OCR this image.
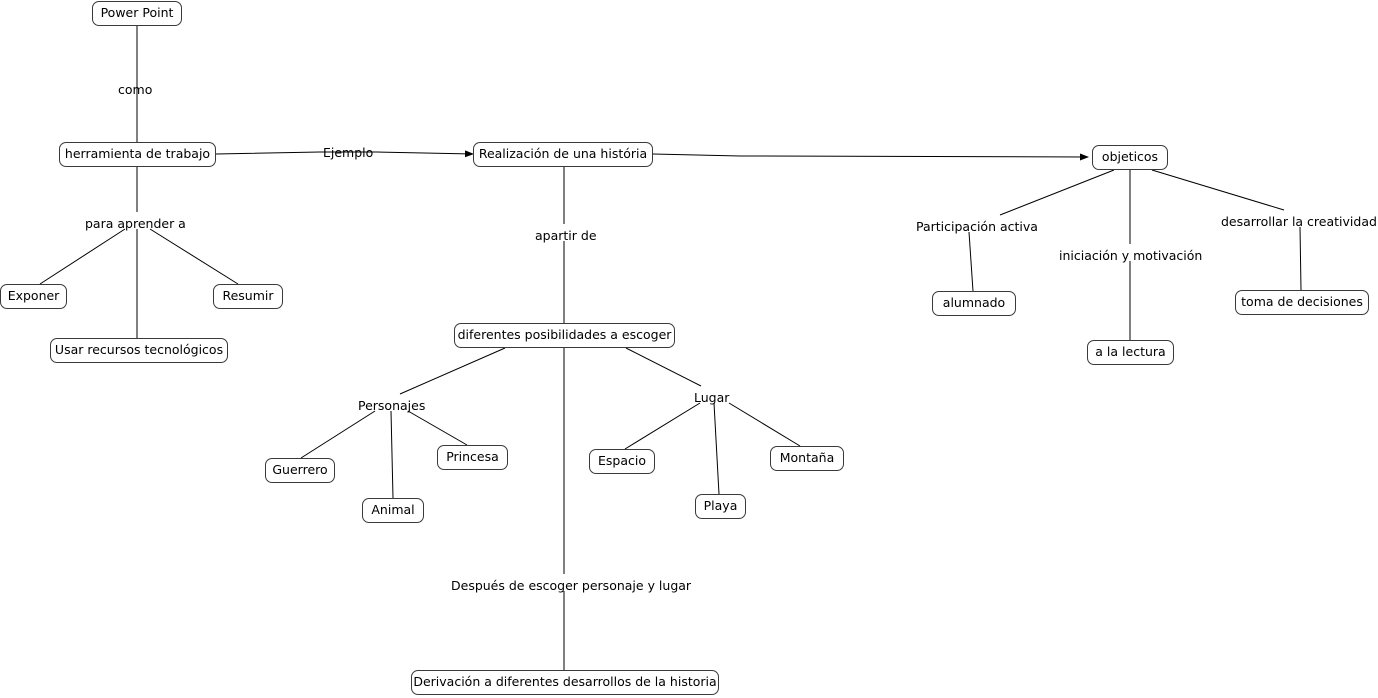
Power Point
herramienta de trabajo	Realización de una história	objeticos
Exponer	Resumir
Usar recursos tecnológicos
alumnado
a la lectura
toma de decisiones
diferentes posibilidades a escoger
Guerrero
Animal
Princesa	Espacio
Playa
Montaña
Derivación a diferentes desarrollos de la historia
como
Ejemplo
para aprender a
apartir de
Participación activa
iniciación y motivación
desarrollar la creatividad
Personajes
Lugar
Después de escoger personaje y lugar
